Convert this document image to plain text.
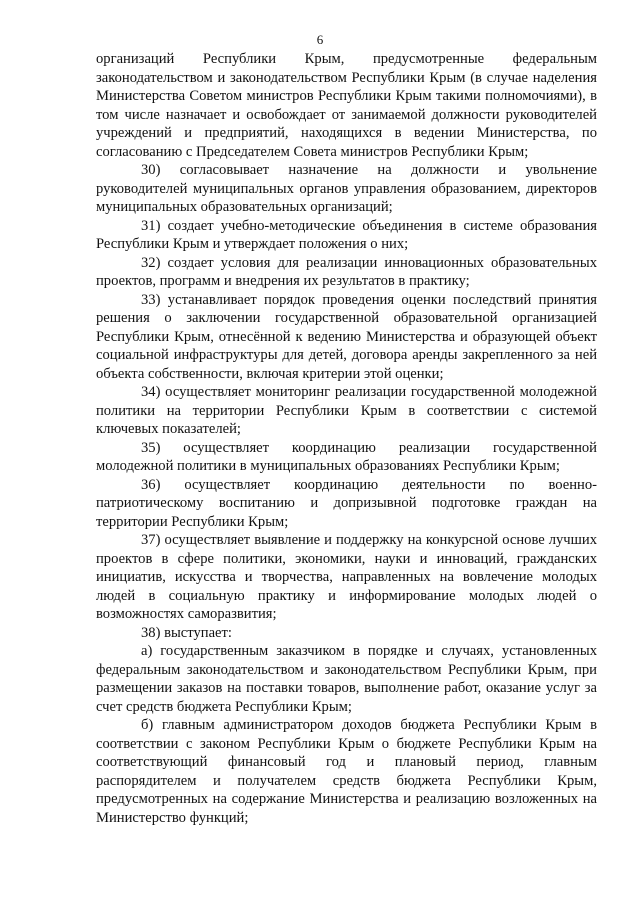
6

организаций Республики Крым, предусмотренные федеральным законодательством и законодательством Республики Крым (в случае наделения Министерства Советом министров Республики Крым такими полномочиями), в том числе назначает и освобождает от занимаемой должности руководителей учреждений и предприятий, находящихся в ведении Министерства, по согласованию с Председателем Совета министров Республики Крым;

30) согласовывает назначение на должности и увольнение руководителей муниципальных органов управления образованием, директоров муниципальных образовательных организаций;

31) создает учебно-методические объединения в системе образования Республики Крым и утверждает положения о них;

32) создает условия для реализации инновационных образовательных проектов, программ и внедрения их результатов в практику;

33) устанавливает порядок проведения оценки последствий принятия решения о заключении государственной образовательной организацией Республики Крым, отнесённой к ведению Министерства и образующей объект социальной инфраструктуры для детей, договора аренды закрепленного за ней объекта собственности, включая критерии этой оценки;

34) осуществляет мониторинг реализации государственной молодежной политики на территории Республики Крым в соответствии с системой ключевых показателей;

35) осуществляет координацию реализации государственной молодежной политики в муниципальных образованиях Республики Крым;

36) осуществляет координацию деятельности по военно-патриотическому воспитанию и допризывной подготовке граждан на территории Республики Крым;

37) осуществляет выявление и поддержку на конкурсной основе лучших проектов в сфере политики, экономики, науки и инноваций, гражданских инициатив, искусства и творчества, направленных на вовлечение молодых людей в социальную практику и информирование молодых людей о возможностях саморазвития;

38) выступает:

а) государственным заказчиком в порядке и случаях, установленных федеральным законодательством и законодательством Республики Крым, при размещении заказов на поставки товаров, выполнение работ, оказание услуг за счет средств бюджета Республики Крым;

б) главным администратором доходов бюджета Республики Крым в соответствии с законом Республики Крым о бюджете Республики Крым на соответствующий финансовый год и плановый период, главным распорядителем и получателем средств бюджета Республики Крым, предусмотренных на содержание Министерства и реализацию возложенных на Министерство функций;
